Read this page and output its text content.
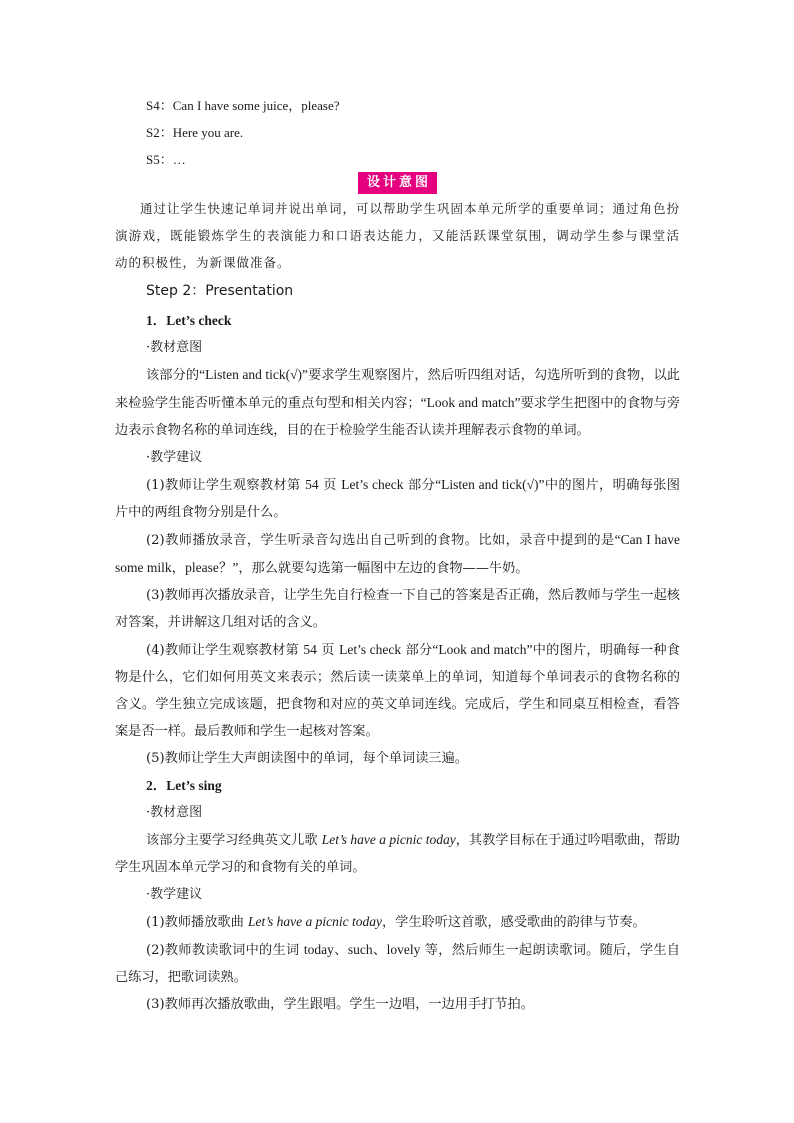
S4：Can I have some juice，please?
S2：Here you are.
S5：…
设计意图

通过让学生快速记单词并说出单词，可以帮助学生巩固本单元所学的重要单词；通过角色扮演游戏，既能锻炼学生的表演能力和口语表达能力，又能活跃课堂氛围，调动学生参与课堂活动的积极性，为新课做准备。

Step 2：Presentation
1．Let’s check
·教材意图

该部分的“Listen and tick(√)”要求学生观察图片，然后听四组对话，勾选所听到的食物，以此来检验学生能否听懂本单元的重点句型和相关内容；“Look and match”要求学生把图中的食物与旁边表示食物名称的单词连线，目的在于检验学生能否认读并理解表示食物的单词。

·教学建议

(1)教师让学生观察教材第 54 页 Let’s check 部分“Listen and tick(√)”中的图片，明确每张图片中的两组食物分别是什么。

(2)教师播放录音，学生听录音勾选出自己听到的食物。比如，录音中提到的是“Can I have some milk，please？”，那么就要勾选第一幅图中左边的食物——牛奶。

(3)教师再次播放录音，让学生先自行检查一下自己的答案是否正确，然后教师与学生一起核对答案，并讲解这几组对话的含义。

(4)教师让学生观察教材第 54 页 Let’s check 部分“Look and match”中的图片，明确每一种食物是什么，它们如何用英文来表示；然后读一读菜单上的单词，知道每个单词表示的食物名称的含义。学生独立完成该题，把食物和对应的英文单词连线。完成后，学生和同桌互相检查，看答案是否一样。最后教师和学生一起核对答案。

(5)教师让学生大声朗读图中的单词，每个单词读三遍。

2．Let’s sing
·教材意图

该部分主要学习经典英文儿歌 Let’s have a picnic today，其教学目标在于通过吟唱歌曲，帮助学生巩固本单元学习的和食物有关的单词。

·教学建议

(1)教师播放歌曲 Let’s have a picnic today，学生聆听这首歌，感受歌曲的韵律与节奏。

(2)教师教读歌词中的生词 today、such、lovely 等，然后师生一起朗读歌词。随后，学生自己练习，把歌词读熟。

(3)教师再次播放歌曲，学生跟唱。学生一边唱，一边用手打节拍。
